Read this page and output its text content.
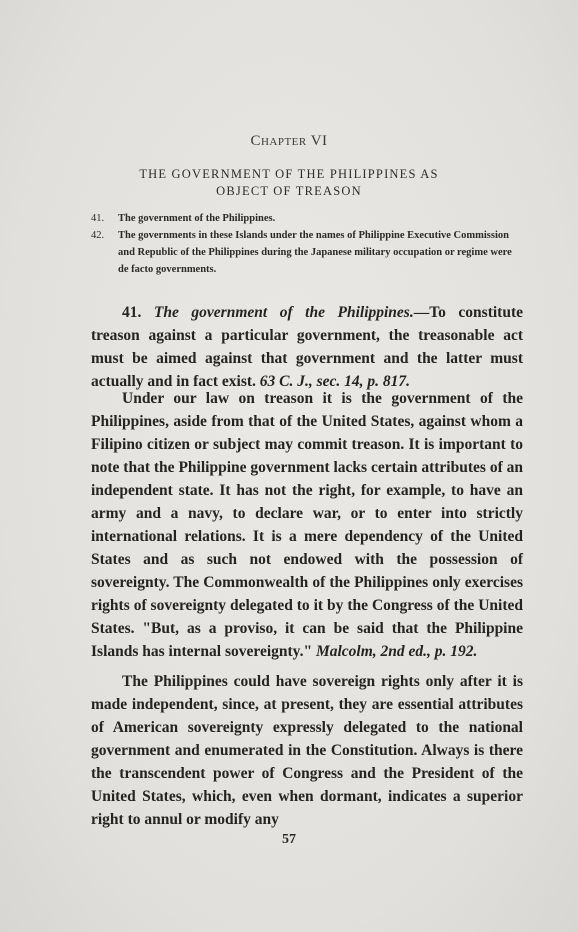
Chapter VI
THE GOVERNMENT OF THE PHILIPPINES AS
OBJECT OF TREASON
41. The government of the Philippines.
42. The governments in these Islands under the names of Philippine Executive Commission and Republic of the Philippines during the Japanese military occupation or regime were de facto governments.

41. The government of the Philippines.—To constitute treason against a particular government, the treasonable act must be aimed against that government and the latter must actually and in fact exist. 63 C. J., sec. 14, p. 817.

Under our law on treason it is the government of the Philippines, aside from that of the United States, against whom a Filipino citizen or subject may commit treason. It is important to note that the Philippine government lacks certain attributes of an independent state. It has not the right, for example, to have an army and a navy, to declare war, or to enter into strictly international relations. It is a mere dependency of the United States and as such not endowed with the possession of sovereignty. The Commonwealth of the Philippines only exercises rights of sovereignty delegated to it by the Congress of the United States. "But, as a proviso, it can be said that the Philippine Islands has internal sovereignty." Malcolm, 2nd ed., p. 192.

The Philippines could have sovereign rights only after it is made independent, since, at present, they are essential attributes of American sovereignty expressly delegated to the national government and enumerated in the Constitution. Always is there the transcendent power of Congress and the President of the United States, which, even when dormant, indicates a superior right to annul or modify any

57
